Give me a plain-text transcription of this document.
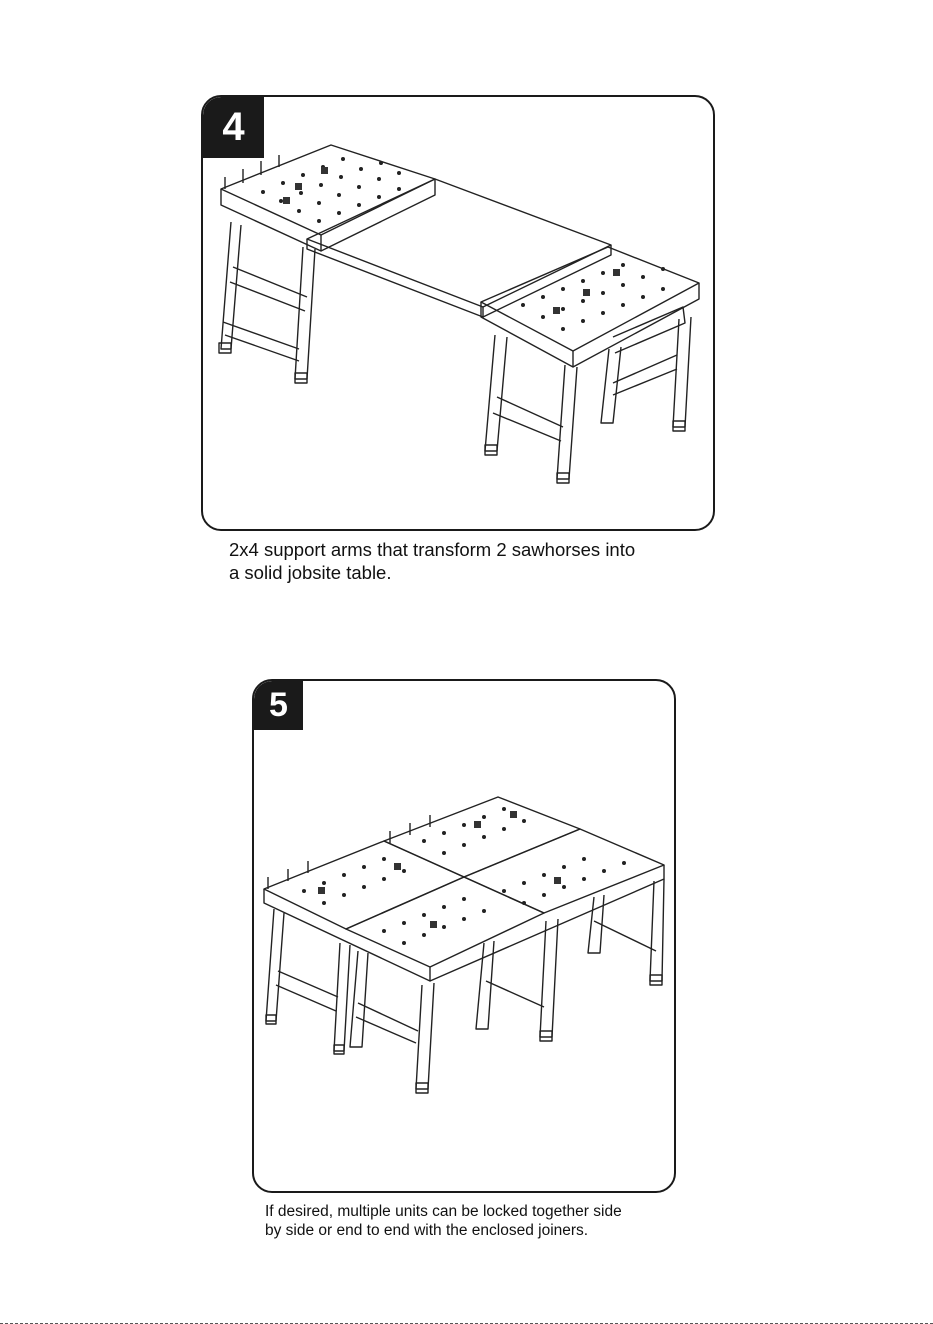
4

2x4 support arms that transform 2 sawhorses into
a solid jobsite table.

5

If desired, multiple units can be locked together side
by side or end to end with the enclosed joiners.
